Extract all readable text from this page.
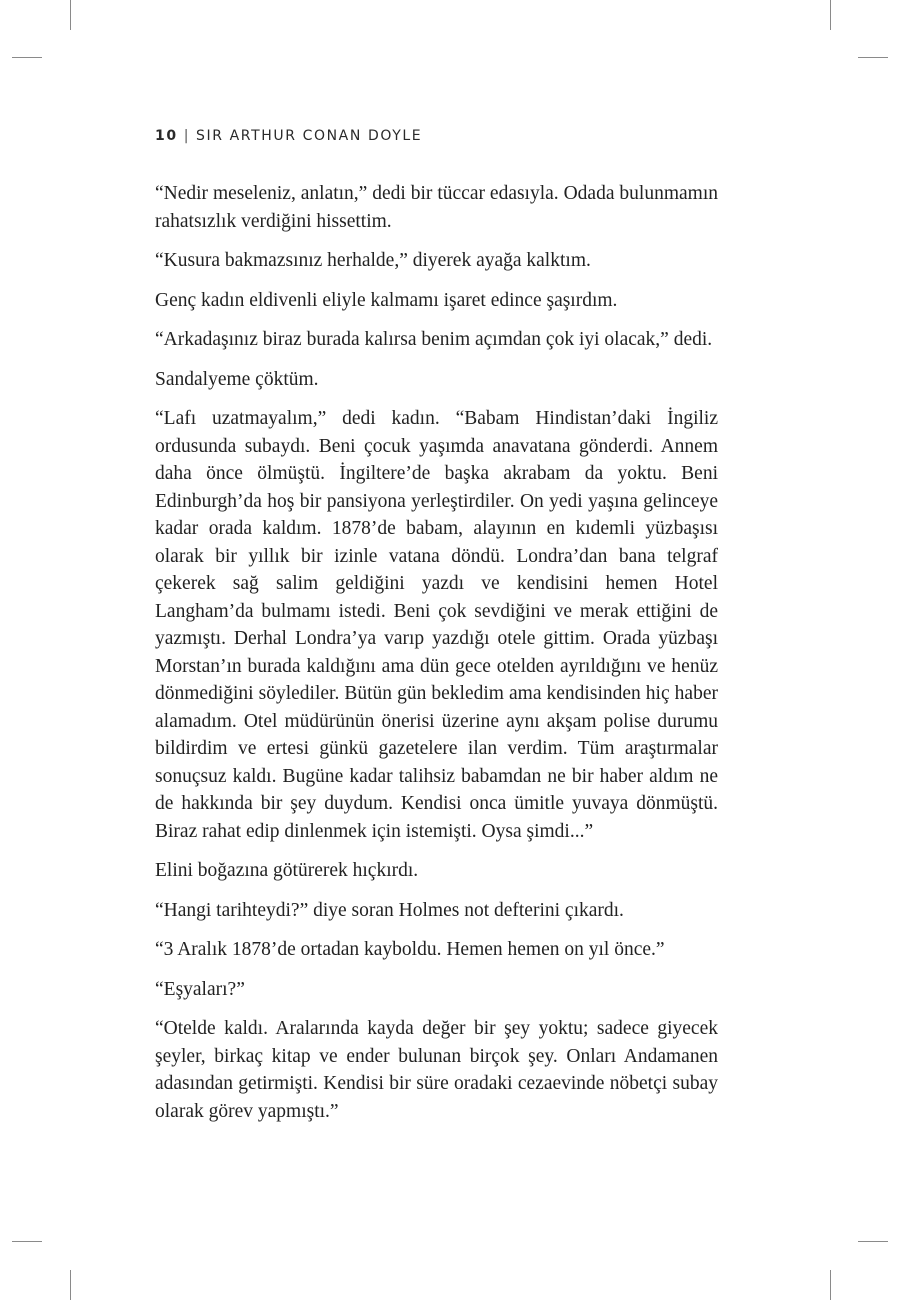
10 | SIR ARTHUR CONAN DOYLE

“Nedir meseleniz, anlatın,” dedi bir tüccar edasıyla. Odada bulunmamın rahatsızlık verdiğini hissettim.

“Kusura bakmazsınız herhalde,” diyerek ayağa kalktım.

Genç kadın eldivenli eliyle kalmamı işaret edince şaşırdım.

“Arkadaşınız biraz burada kalırsa benim açımdan çok iyi olacak,” dedi.

Sandalyeme çöktüm.

“Lafı uzatmayalım,” dedi kadın. “Babam Hindistan’daki İngiliz ordusunda subaydı. Beni çocuk yaşımda anavatana gönderdi. Annem daha önce ölmüştü. İngiltere’de başka akrabam da yoktu. Beni Edinburgh’da hoş bir pansiyona yerleştirdiler. On yedi yaşına gelinceye kadar orada kaldım. 1878’de babam, alayının en kıdemli yüzbaşısı olarak bir yıllık bir izinle vatana döndü. Londra’dan bana telgraf çekerek sağ salim geldiğini yazdı ve kendisini hemen Hotel Langham’da bulmamı istedi. Beni çok sevdiğini ve merak ettiğini de yazmıştı. Derhal Londra’ya varıp yazdığı otele gittim. Orada yüzbaşı Morstan’ın burada kaldığını ama dün gece otelden ayrıldığını ve henüz dönmediğini söylediler. Bütün gün bekledim ama kendisinden hiç haber alamadım. Otel müdürünün önerisi üzerine aynı akşam polise durumu bildirdim ve ertesi günkü gazetelere ilan verdim. Tüm araştırmalar sonuçsuz kaldı. Bugüne kadar talihsiz babamdan ne bir haber aldım ne de hakkında bir şey duydum. Kendisi onca ümitle yuvaya dönmüştü. Biraz rahat edip dinlenmek için istemişti. Oysa şimdi...”

Elini boğazına götürerek hıçkırdı.

“Hangi tarihteydi?” diye soran Holmes not defterini çıkardı.

“3 Aralık 1878’de ortadan kayboldu. Hemen hemen on yıl önce.”

“Eşyaları?”

“Otelde kaldı. Aralarında kayda değer bir şey yoktu; sadece giyecek şeyler, birkaç kitap ve ender bulunan birçok şey. Onları Andamanen adasından getirmişti. Kendisi bir süre oradaki cezaevinde nöbetçi subay olarak görev yapmıştı.”
